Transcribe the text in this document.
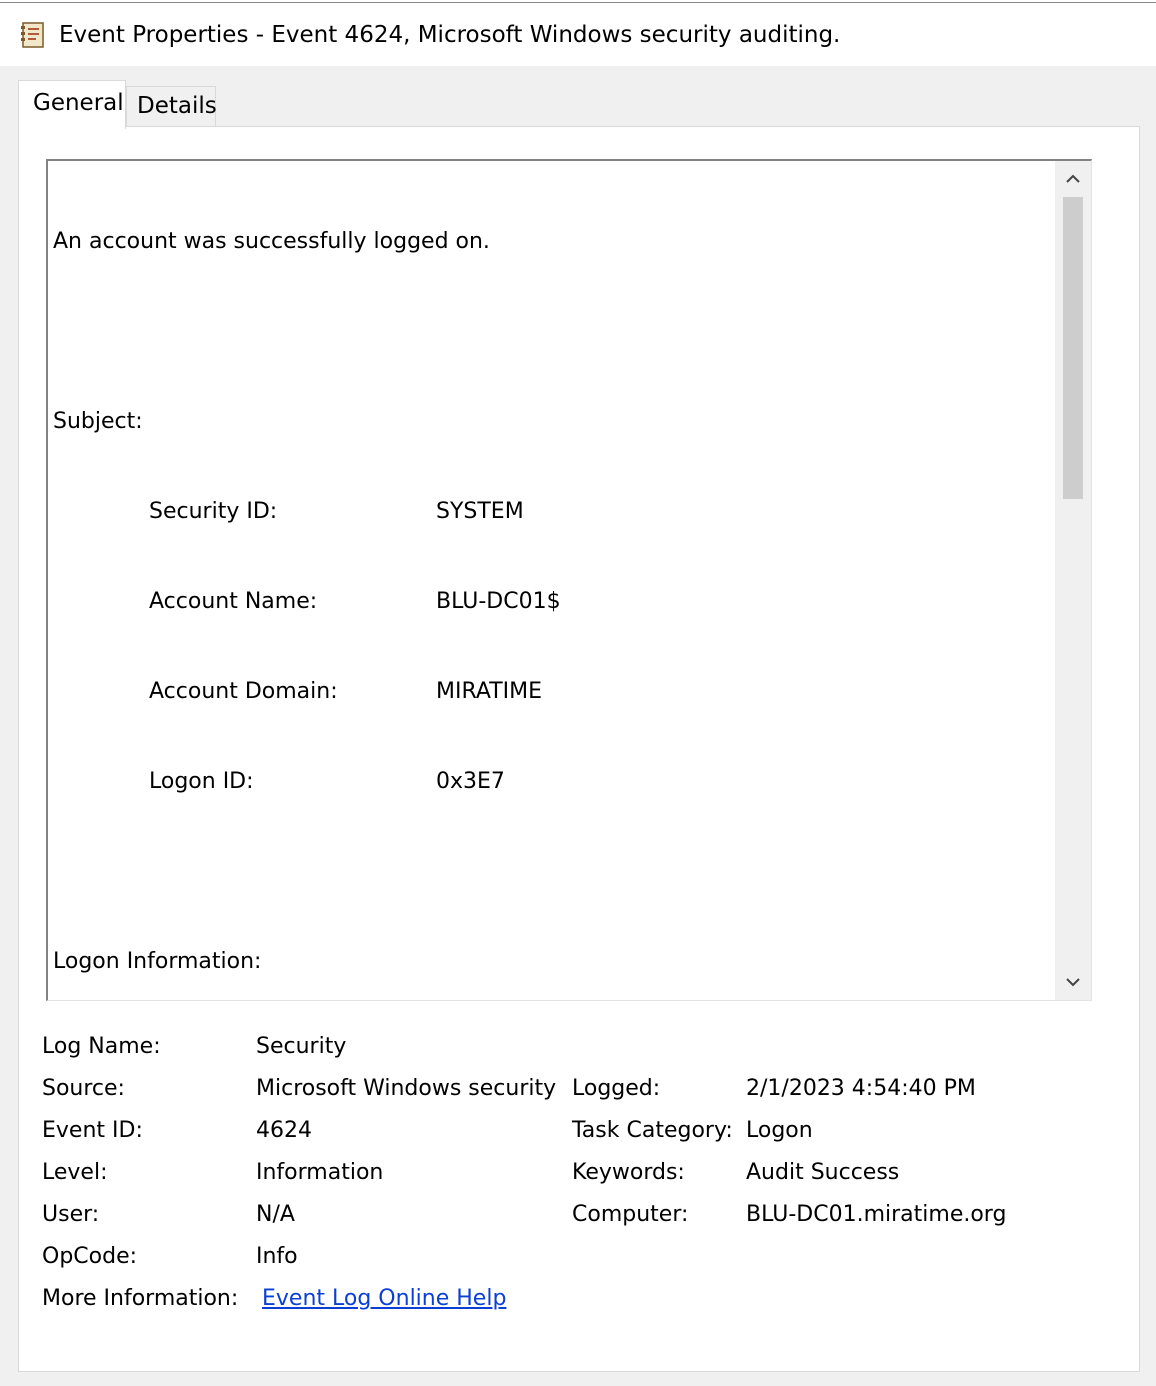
Event Properties - Event 4624, Microsoft Windows security auditing.
General Details

An account was successfully logged on.

Subject:

Security ID:	SYSTEM

Account Name:	BLU-DC01$

Account Domain:	MIRATIME

Logon ID:	0x3E7

Logon Information:

Log Name:	Security
Source:	Microsoft Windows security Logged:	2/1/2023 4:54:40 PM
Event ID:	4624	Task Category: Logon
Level:	Information	Keywords:	Audit Success
User:	N/A	Computer:	BLU-DC01.miratime.org
OpCode:	Info
More Information: Event Log Online Help
